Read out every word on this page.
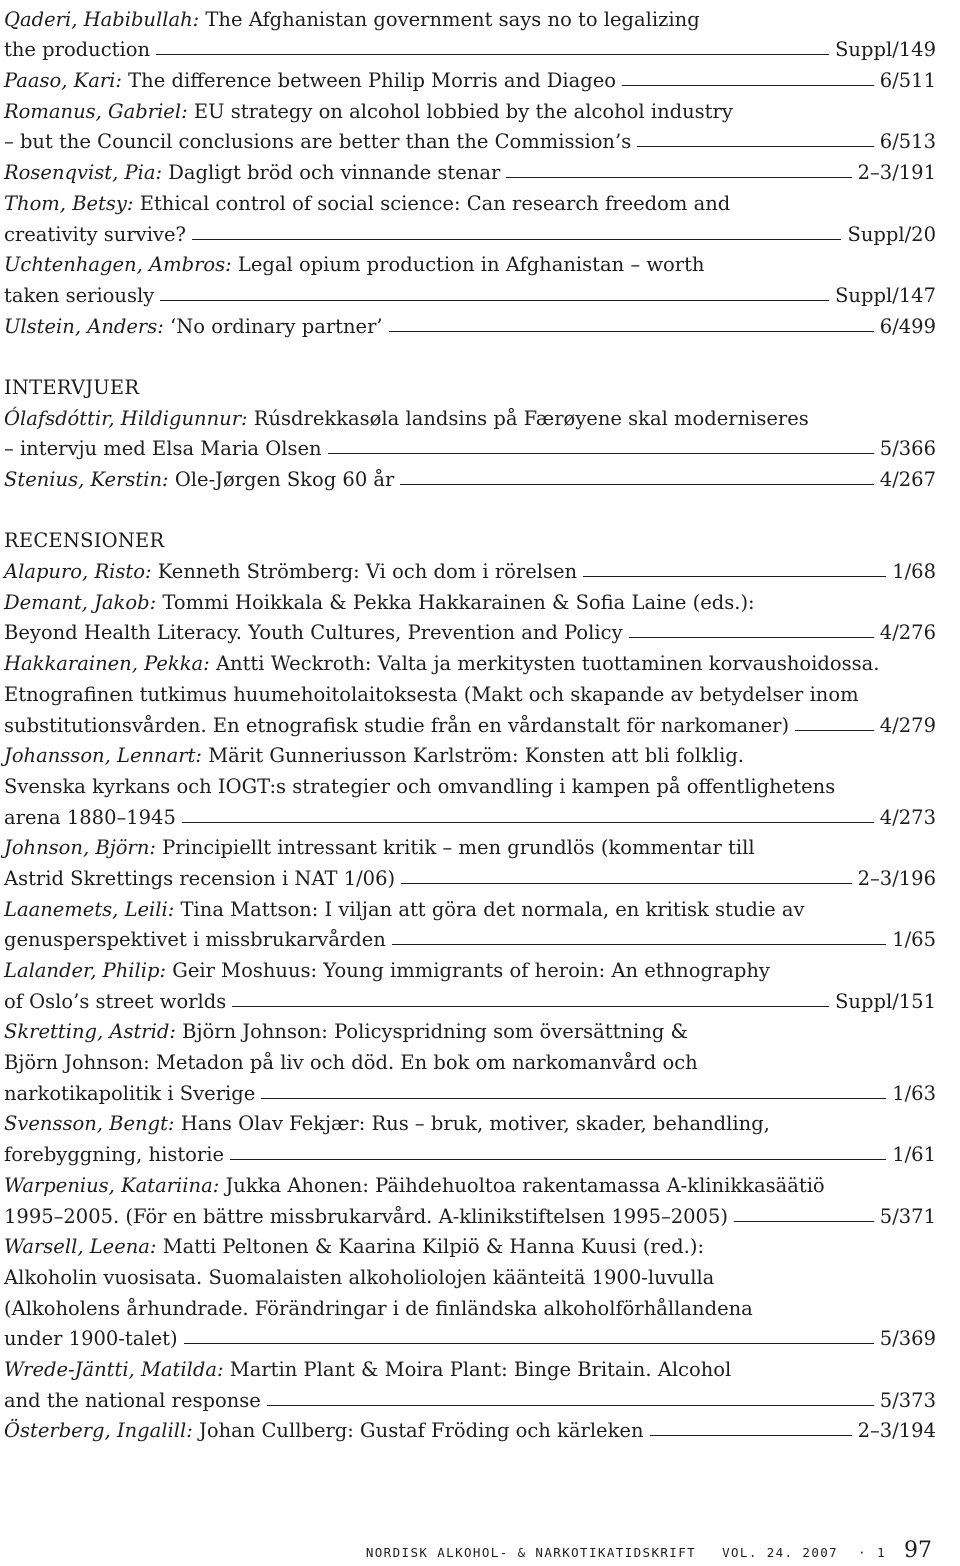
Qaderi, Habibullah:
The Afghanistan government says no to legalizing
the production	Suppl/149
Paaso, Kari:
The difference between Philip Morris and Diageo	6/511
Romanus, Gabriel:
EU strategy on alcohol lobbied by the alcohol industry
– but the Council conclusions are better than the Commission’s	6/513
Rosenqvist, Pia:
Dagligt bröd och vinnande stenar	2–3/191
Thom, Betsy:
Ethical control of social science: Can research freedom and
creativity survive?	Suppl/20
Uchtenhagen, Ambros:
Legal opium production in Afghanistan – worth
taken seriously	Suppl/147
Ulstein, Anders:
‘No ordinary partner’	6/499
INTERVJUER
Ólafsdóttir, Hildigunnur:
Rúsdrekkasøla landsins på Færøyene skal moderniseres
– intervju med Elsa Maria Olsen	5/366
Stenius, Kerstin:
Ole-Jørgen Skog 60 år	4/267
RECENSIONER
Alapuro, Risto:
Kenneth Strömberg: Vi och dom i rörelsen	1/68
Demant, Jakob:
Tommi Hoikkala & Pekka Hakkarainen & Sofia Laine (eds.):
Beyond Health Literacy. Youth Cultures, Prevention and Policy	4/276
Hakkarainen, Pekka:
Antti Weckroth: Valta ja merkitysten tuottaminen korvaushoidossa.
Etnografinen tutkimus huumehoitolaitoksesta (Makt och skapande av betydelser inom
substitutionsvården. En etnografisk studie från en vårdanstalt för narkomaner)	4/279
Johansson, Lennart:
Märit Gunneriusson Karlström: Konsten att bli folklig.
Svenska kyrkans och IOGT:s strategier och omvandling i kampen på offentlighetens
arena 1880–1945	4/273
Johnson, Björn:
Principiellt intressant kritik – men grundlös (kommentar till
Astrid Skrettings recension i NAT 1/06)	2–3/196
Laanemets, Leili:
Tina Mattson: I viljan att göra det normala, en kritisk studie av
genusperspektivet i missbrukarvården	1/65
Lalander, Philip:
Geir Moshuus: Young immigrants of heroin: An ethnography
of Oslo’s street worlds	Suppl/151
Skretting, Astrid:
Björn Johnson: Policyspridning som översättning &
Björn Johnson: Metadon på liv och död. En bok om narkomanvård och
narkotikapolitik i Sverige	1/63
Svensson, Bengt:
Hans Olav Fekjær: Rus – bruk, motiver, skader, behandling,
forebyggning, historie	1/61
Warpenius, Katariina:
Jukka Ahonen: Päihdehuoltoa rakentamassa A-klinikkasäätiö
1995–2005. (För en bättre missbrukarvård. A-klinikstiftelsen 1995–2005)	5/371
Warsell, Leena:
Matti Peltonen & Kaarina Kilpiö & Hanna Kuusi (red.):
Alkoholin vuosisata. Suomalaisten alkoholiolojen käänteitä 1900-luvulla
(Alkoholens århundrade. Förändringar i de finländska alkoholförhållandena
under 1900-talet)	5/369
Wrede-Jäntti, Matilda:
Martin Plant & Moira Plant: Binge Britain. Alcohol
and the national response	5/373
Österberg, Ingalill:
Johan Cullberg: Gustaf Fröding och kärleken	2–3/194
NORDISK ALKOHOL- & NARKOTIKATIDSKRIFT VOL. 24. 2007 · 1 97
